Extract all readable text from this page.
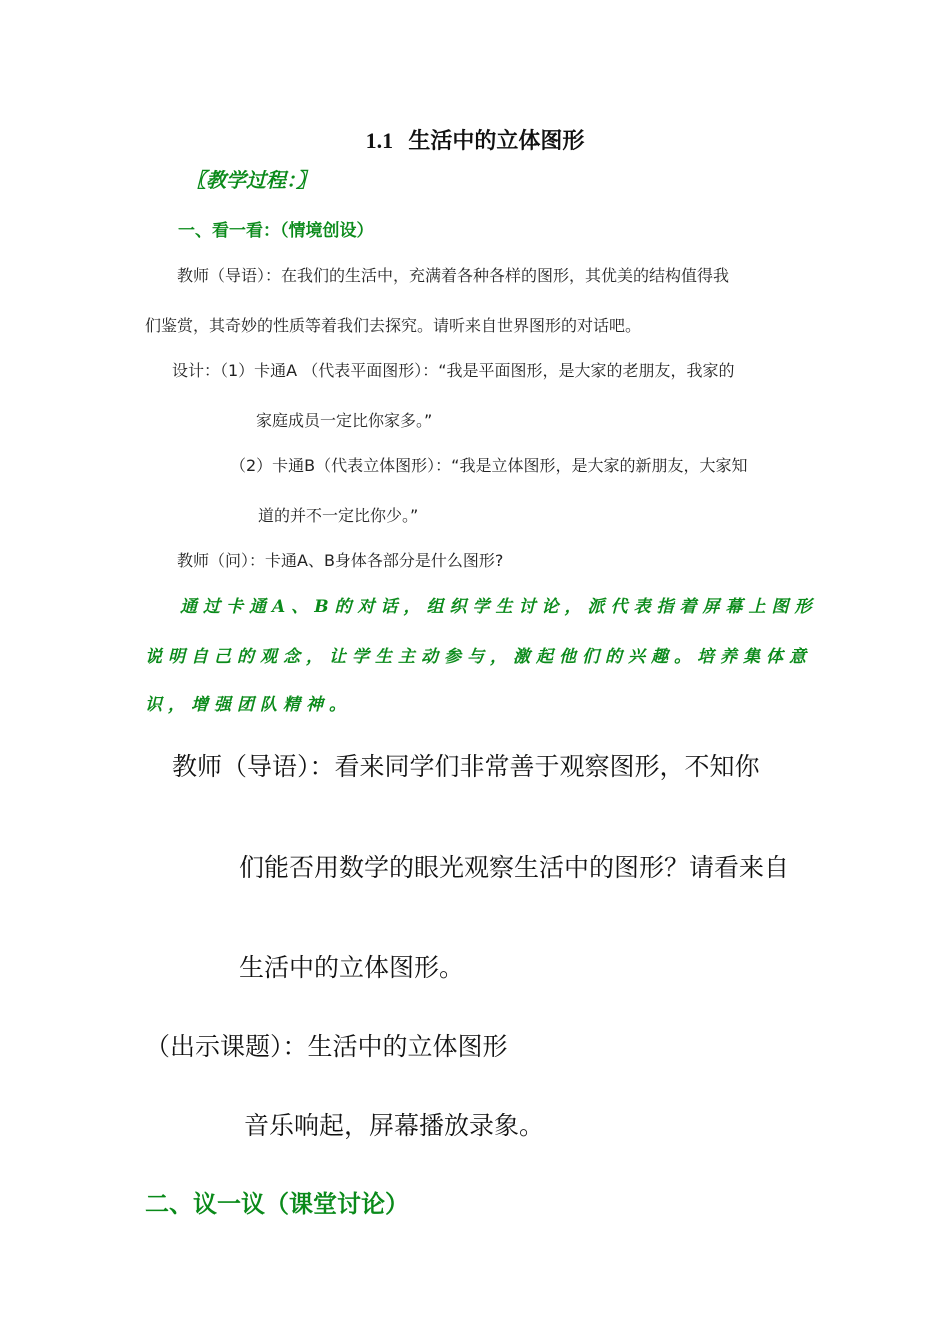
1.1 生活中的立体图形
〖教学过程：〗
一、看一看：（情境创设）
教师（导语）：在我们的生活中，充满着各种各样的图形，其优美的结构值得我
们鉴赏，其奇妙的性质等着我们去探究。请听来自世界图形的对话吧。
设计：（1）卡通A （代表平面图形）：“我是平面图形，是大家的老朋友，我家的
家庭成员一定比你家多。”
（2）卡通B（代表立体图形）：“我是立体图形，是大家的新朋友，大家知
道的并不一定比你少。”
教师（问）：卡通A、B身体各部分是什么图形?
通过卡通A、B的对话，组织学生讨论，派代表指着屏幕上图形
说明自己的观念，让学生主动参与，激起他们的兴趣。培养集体意
识，增强团队精神。
教师（导语）：看来同学们非常善于观察图形，不知你
们能否用数学的眼光观察生活中的图形？请看来自
生活中的立体图形。
（出示课题）：生活中的立体图形
音乐响起，屏幕播放录象。
二、议一议（课堂讨论）
